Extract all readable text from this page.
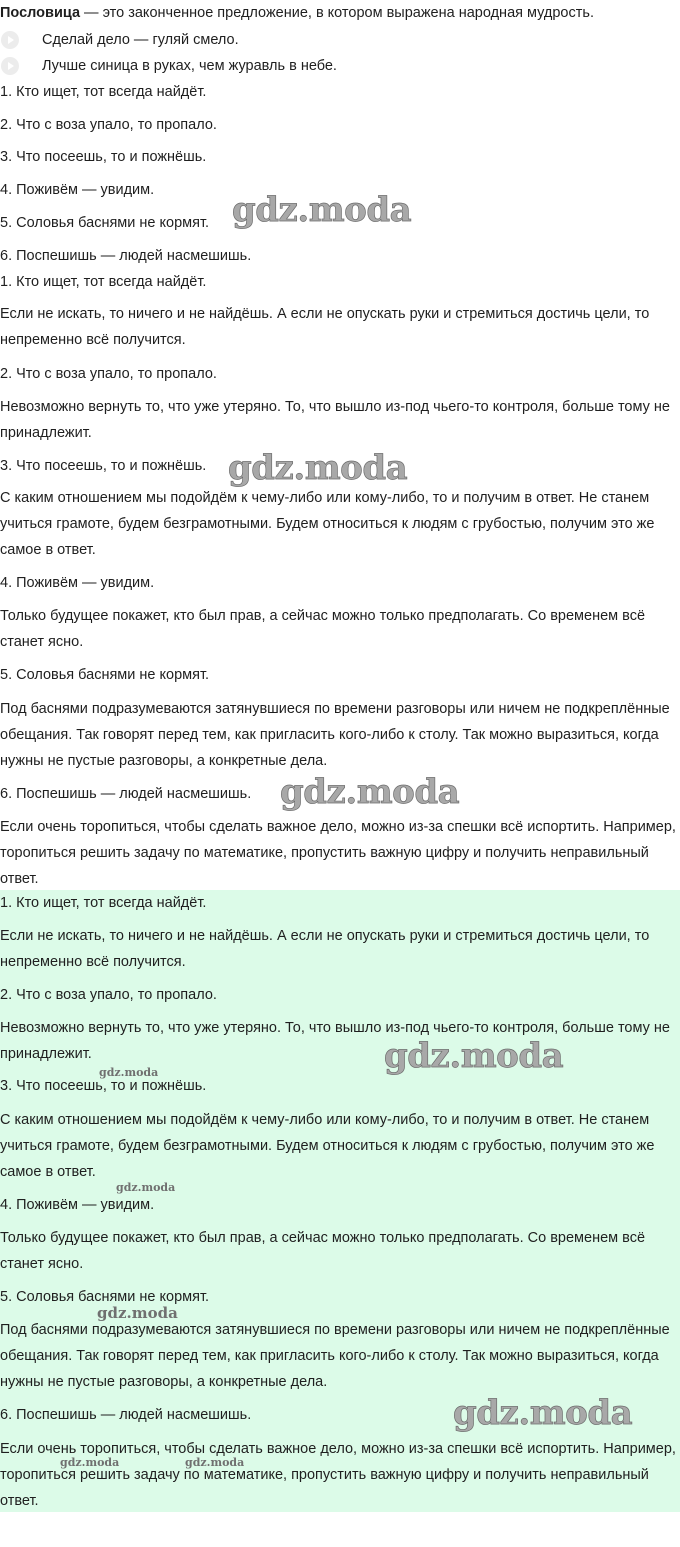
Пословица — это законченное предложение, в котором выражена народная мудрость.
Сделай дело — гуляй смело.
Лучше синица в руках, чем журавль в небе.
1. Кто ищет, тот всегда найдёт.
2. Что с воза упало, то пропало.
3. Что посеешь, то и пожнёшь.
4. Поживём — увидим.
5. Соловья баснями не кормят.
6. Поспешишь — людей насмешишь.
1. Кто ищет, тот всегда найдёт.
Если не искать, то ничего и не найдёшь. А если не опускать руки и стремиться достичь цели, то непременно всё получится.
2. Что с воза упало, то пропало.
Невозможно вернуть то, что уже утеряно. То, что вышло из-под чьего-то контроля, больше тому не принадлежит.
3. Что посеешь, то и пожнёшь.
С каким отношением мы подойдём к чему-либо или кому-либо, то и получим в ответ. Не станем учиться грамоте, будем безграмотными. Будем относиться к людям с грубостью, получим это же самое в ответ.
4. Поживём — увидим.
Только будущее покажет, кто был прав, а сейчас можно только предполагать. Со временем всё станет ясно.
5. Соловья баснями не кормят.
Под баснями подразумеваются затянувшиеся по времени разговоры или ничем не подкреплённые обещания. Так говорят перед тем, как пригласить кого-либо к столу. Так можно выразиться, когда нужны не пустые разговоры, а конкретные дела.
6. Поспешишь — людей насмешишь.
Если очень торопиться, чтобы сделать важное дело, можно из-за спешки всё испортить. Например, торопиться решить задачу по математике, пропустить важную цифру и получить неправильный ответ.
1. Кто ищет, тот всегда найдёт.
Если не искать, то ничего и не найдёшь. А если не опускать руки и стремиться достичь цели, то непременно всё получится.
2. Что с воза упало, то пропало.
Невозможно вернуть то, что уже утеряно. То, что вышло из-под чьего-то контроля, больше тому не принадлежит.
3. Что посеешь, то и пожнёшь.
С каким отношением мы подойдём к чему-либо или кому-либо, то и получим в ответ. Не станем учиться грамоте, будем безграмотными. Будем относиться к людям с грубостью, получим это же самое в ответ.
4. Поживём — увидим.
Только будущее покажет, кто был прав, а сейчас можно только предполагать. Со временем всё станет ясно.
5. Соловья баснями не кормят.
Под баснями подразумеваются затянувшиеся по времени разговоры или ничем не подкреплённые обещания. Так говорят перед тем, как пригласить кого-либо к столу. Так можно выразиться, когда нужны не пустые разговоры, а конкретные дела.
6. Поспешишь — людей насмешишь.
Если очень торопиться, чтобы сделать важное дело, можно из-за спешки всё испортить. Например, торопиться решить задачу по математике, пропустить важную цифру и получить неправильный ответ.
gdz.moda
gdz.moda
gdz.moda
gdz.moda
gdz.moda
gdz.moda
gdz.moda
gdz.moda
gdz.moda	gdz.moda
